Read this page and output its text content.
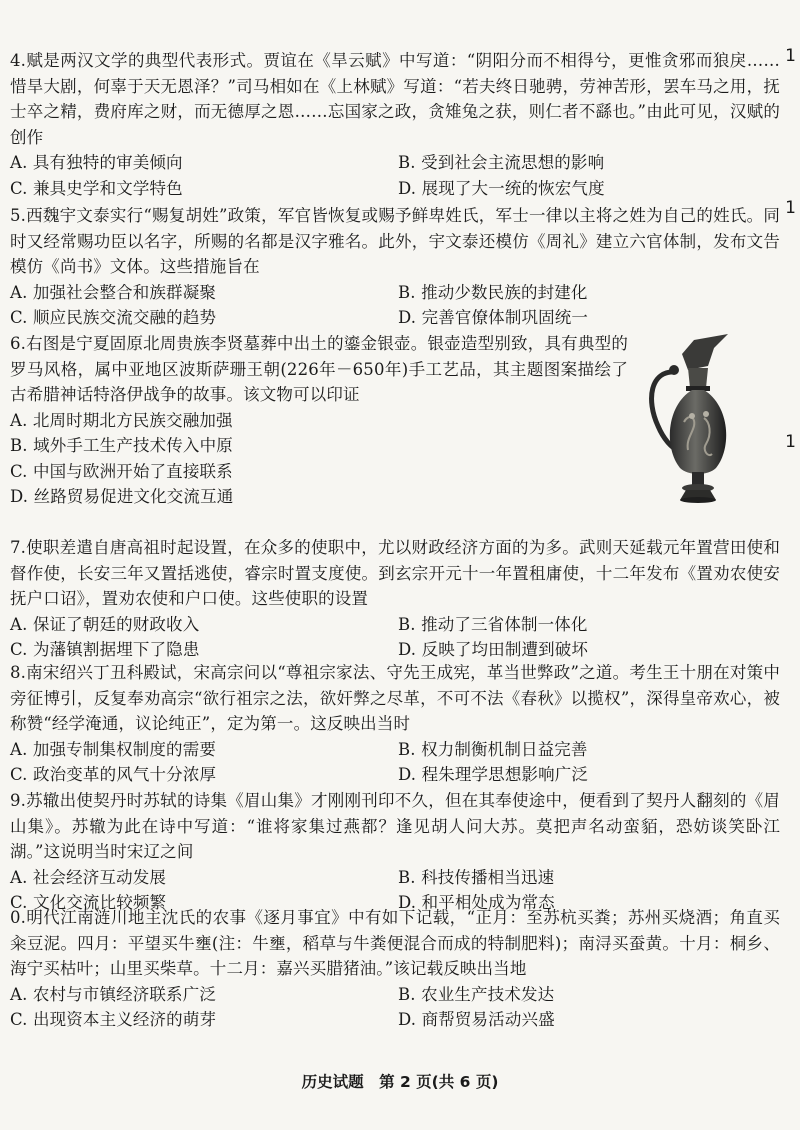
4.赋是两汉文学的典型代表形式。贾谊在《旱云赋》中写道：“阴阳分而不相得兮，更惟贪邪而狼戾……惜旱大剧，何辜于天无恩泽？”司马相如在《上林赋》写道：“若夫终日驰骋，劳神苦形，罢车马之用，抚士卒之精，费府库之财，而无德厚之恩……忘国家之政，贪雉兔之获，则仁者不繇也。”由此可见，汉赋的创作

A. 具有独特的审美倾向	B. 受到社会主流思想的影响
C. 兼具史学和文学特色	D. 展现了大一统的恢宏气度

5.西魏宇文泰实行“赐复胡姓”政策，军官皆恢复或赐予鲜卑姓氏，军士一律以主将之姓为自己的姓氏。同时又经常赐功臣以名字，所赐的名都是汉字雅名。此外，宇文泰还模仿《周礼》建立六官体制，发布文告模仿《尚书》文体。这些措施旨在

A. 加强社会整合和族群凝聚	B. 推动少数民族的封建化
C. 顺应民族交流交融的趋势	D. 完善官僚体制巩固统一

6.右图是宁夏固原北周贵族李贤墓葬中出土的鎏金银壶。银壶造型别致，具有典型的罗马风格，属中亚地区波斯萨珊王朝(226年－650年)手工艺品，其主题图案描绘了古希腊神话特洛伊战争的故事。该文物可以印证

A. 北周时期北方民族交融加强
B. 域外手工生产技术传入中原
C. 中国与欧洲开始了直接联系
D. 丝路贸易促进文化交流互通

7.使职差遣自唐高祖时起设置，在众多的使职中，尤以财政经济方面的为多。武则天延载元年置营田使和督作使，长安三年又置括逃使，睿宗时置支度使。到玄宗开元十一年置租庸使，十二年发布《置劝农使安抚户口诏》，置劝农使和户口使。这些使职的设置

A. 保证了朝廷的财政收入	B. 推动了三省体制一体化
C. 为藩镇割据埋下了隐患	D. 反映了均田制遭到破坏

8.南宋绍兴丁丑科殿试，宋高宗问以“尊祖宗家法、守先王成宪，革当世弊政”之道。考生王十朋在对策中旁征博引，反复奉劝高宗“欲行祖宗之法，欲奸弊之尽革，不可不法《春秋》以揽权”，深得皇帝欢心，被称赞“经学淹通，议论纯正”，定为第一。这反映出当时

A. 加强专制集权制度的需要	B. 权力制衡机制日益完善
C. 政治变革的风气十分浓厚	D. 程朱理学思想影响广泛

9.苏辙出使契丹时苏轼的诗集《眉山集》才刚刚刊印不久，但在其奉使途中，便看到了契丹人翻刻的《眉山集》。苏辙为此在诗中写道：“谁将家集过燕都？逢见胡人问大苏。莫把声名动蛮貊，恐妨谈笑卧江湖。”这说明当时宋辽之间

A. 社会经济互动发展	B. 科技传播相当迅速
C. 文化交流比较频繁	D. 和平相处成为常态

0.明代江南涟川地主沈氏的农事《逐月事宜》中有如下记载，“正月：至苏杭买粪；苏州买烧酒；角直买籴豆泥。四月：平望买牛壅(注：牛壅，稻草与牛粪便混合而成的特制肥料)；南浔买蚕黄。十月：桐乡、海宁买枯叶；山里买柴草。十二月：嘉兴买腊猪油。”该记载反映出当地

A. 农村与市镇经济联系广泛	B. 农业生产技术发达
C. 出现资本主义经济的萌芽	D. 商帮贸易活动兴盛
1
1
1
历史试题　第 2 页(共 6 页)
